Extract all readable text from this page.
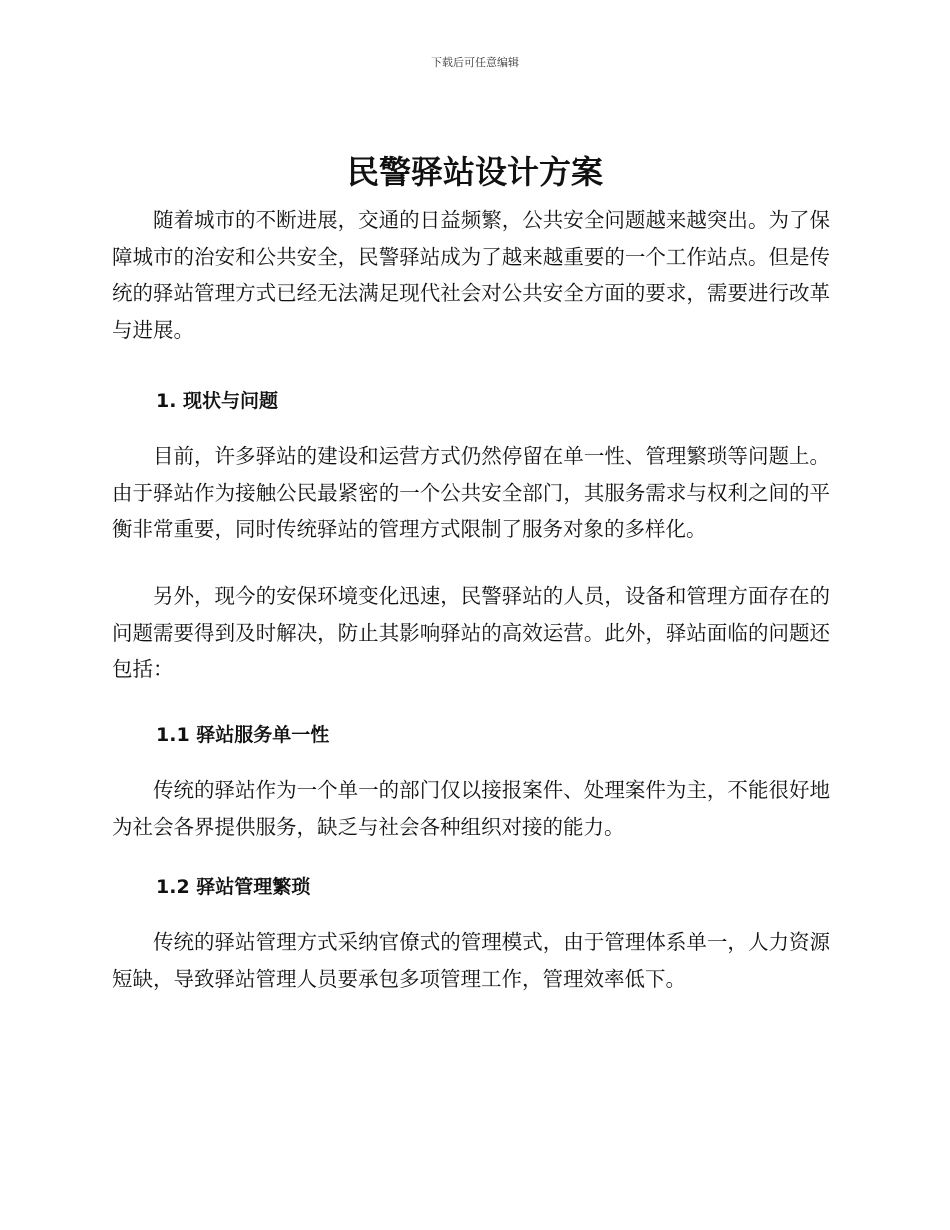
下载后可任意编辑
民警驿站设计方案

随着城市的不断进展，交通的日益频繁，公共安全问题越来越突出。为了保障城市的治安和公共安全，民警驿站成为了越来越重要的一个工作站点。但是传统的驿站管理方式已经无法满足现代社会对公共安全方面的要求，需要进行改革与进展。

1. 现状与问题

目前，许多驿站的建设和运营方式仍然停留在单一性、管理繁琐等问题上。由于驿站作为接触公民最紧密的一个公共安全部门，其服务需求与权利之间的平衡非常重要，同时传统驿站的管理方式限制了服务对象的多样化。

另外，现今的安保环境变化迅速，民警驿站的人员，设备和管理方面存在的问题需要得到及时解决，防止其影响驿站的高效运营。此外，驿站面临的问题还包括：

1.1 驿站服务单一性

传统的驿站作为一个单一的部门仅以接报案件、处理案件为主，不能很好地为社会各界提供服务，缺乏与社会各种组织对接的能力。

1.2 驿站管理繁琐

传统的驿站管理方式采纳官僚式的管理模式，由于管理体系单一，人力资源短缺，导致驿站管理人员要承包多项管理工作，管理效率低下。
